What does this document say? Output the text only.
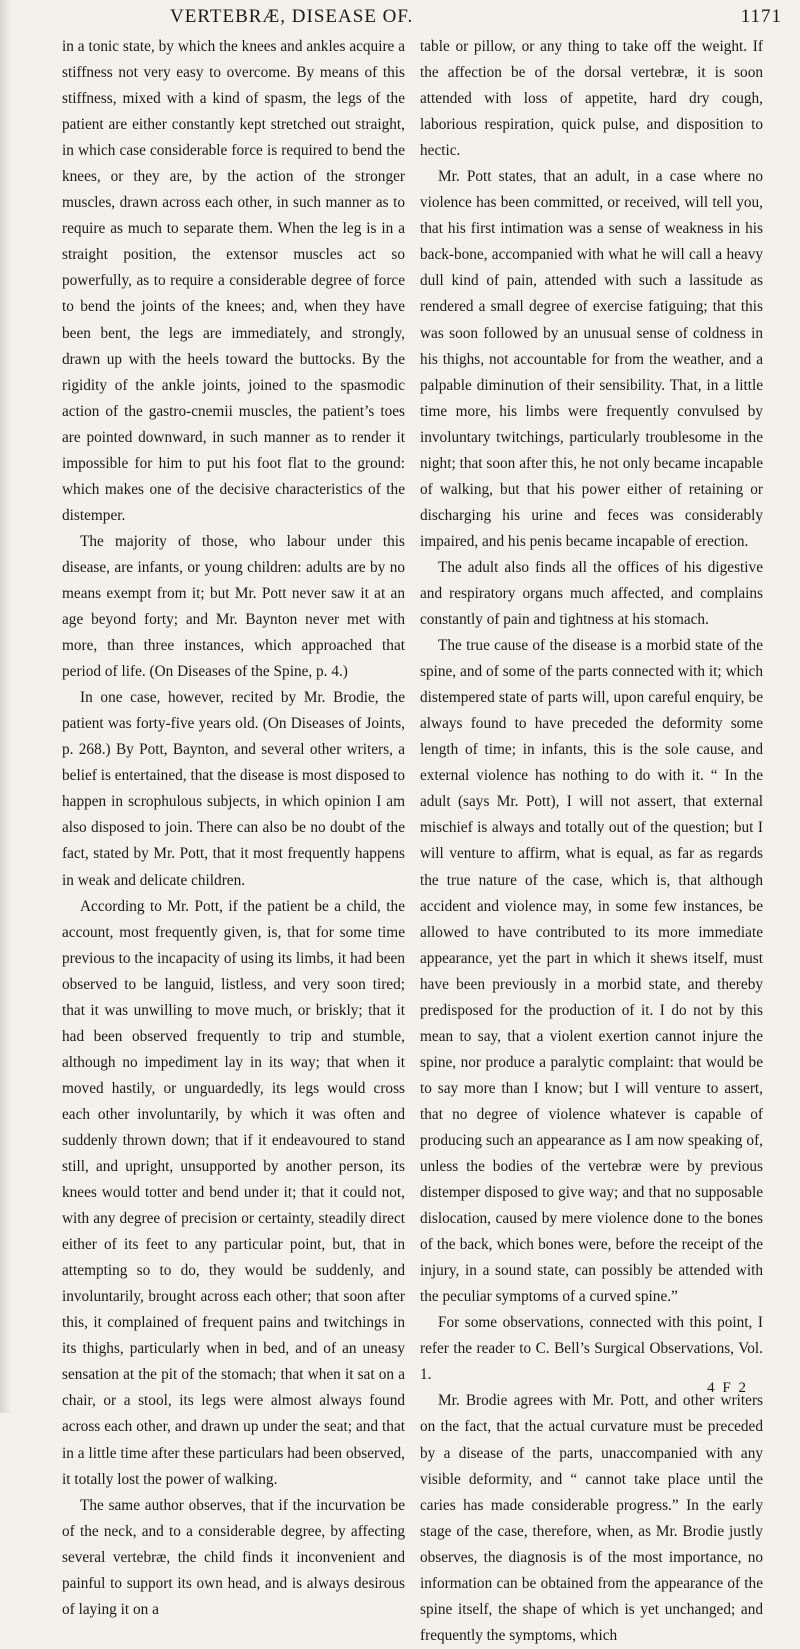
VERTEBRÆ, DISEASE OF.	1171

in a tonic state, by which the knees and ankles acquire a stiffness not very easy to overcome. By means of this stiffness, mixed with a kind of spasm, the legs of the patient are either constantly kept stretched out straight, in which case considerable force is required to bend the knees, or they are, by the action of the stronger muscles, drawn across each other, in such manner as to require as much to separate them. When the leg is in a straight position, the extensor muscles act so powerfully, as to require a considerable degree of force to bend the joints of the knees; and, when they have been bent, the legs are immediately, and strongly, drawn up with the heels toward the buttocks. By the rigidity of the ankle joints, joined to the spasmodic action of the gastro-cnemii muscles, the patient’s toes are pointed downward, in such manner as to render it impossible for him to put his foot flat to the ground: which makes one of the decisive characteristics of the distemper.

The majority of those, who labour under this disease, are infants, or young children: adults are by no means exempt from it; but Mr. Pott never saw it at an age beyond forty; and Mr. Baynton never met with more, than three instances, which approached that period of life. (On Diseases of the Spine, p. 4.)

In one case, however, recited by Mr. Brodie, the patient was forty-five years old. (On Diseases of Joints, p. 268.) By Pott, Baynton, and several other writers, a belief is entertained, that the disease is most disposed to happen in scrophulous subjects, in which opinion I am also disposed to join. There can also be no doubt of the fact, stated by Mr. Pott, that it most frequently happens in weak and delicate children.

According to Mr. Pott, if the patient be a child, the account, most frequently given, is, that for some time previous to the incapacity of using its limbs, it had been observed to be languid, listless, and very soon tired; that it was unwilling to move much, or briskly; that it had been observed frequently to trip and stumble, although no impediment lay in its way; that when it moved hastily, or unguardedly, its legs would cross each other involuntarily, by which it was often and suddenly thrown down; that if it endeavoured to stand still, and upright, unsupported by another person, its knees would totter and bend under it; that it could not, with any degree of precision or certainty, steadily direct either of its feet to any particular point, but, that in attempting so to do, they would be suddenly, and involuntarily, brought across each other; that soon after this, it complained of frequent pains and twitchings in its thighs, particularly when in bed, and of an uneasy sensation at the pit of the stomach; that when it sat on a chair, or a stool, its legs were almost always found across each other, and drawn up under the seat; and that in a little time after these particulars had been observed, it totally lost the power of walking.

The same author observes, that if the incurvation be of the neck, and to a considerable degree, by affecting several vertebræ, the child finds it inconvenient and painful to support its own head, and is always desirous of laying it on a

table or pillow, or any thing to take off the weight. If the affection be of the dorsal vertebræ, it is soon attended with loss of appetite, hard dry cough, laborious respiration, quick pulse, and disposition to hectic.

Mr. Pott states, that an adult, in a case where no violence has been committed, or received, will tell you, that his first intimation was a sense of weakness in his back-bone, accompanied with what he will call a heavy dull kind of pain, attended with such a lassitude as rendered a small degree of exercise fatiguing; that this was soon followed by an unusual sense of coldness in his thighs, not accountable for from the weather, and a palpable diminution of their sensibility. That, in a little time more, his limbs were frequently convulsed by involuntary twitchings, particularly troublesome in the night; that soon after this, he not only became incapable of walking, but that his power either of retaining or discharging his urine and feces was considerably impaired, and his penis became incapable of erection.

The adult also finds all the offices of his digestive and respiratory organs much affected, and complains constantly of pain and tightness at his stomach.

The true cause of the disease is a morbid state of the spine, and of some of the parts connected with it; which distempered state of parts will, upon careful enquiry, be always found to have preceded the deformity some length of time; in infants, this is the sole cause, and external violence has nothing to do with it. “ In the adult (says Mr. Pott), I will not assert, that external mischief is always and totally out of the question; but I will venture to affirm, what is equal, as far as regards the true nature of the case, which is, that although accident and violence may, in some few instances, be allowed to have contributed to its more immediate appearance, yet the part in which it shews itself, must have been previously in a morbid state, and thereby predisposed for the production of it. I do not by this mean to say, that a violent exertion cannot injure the spine, nor produce a paralytic complaint: that would be to say more than I know; but I will venture to assert, that no degree of violence whatever is capable of producing such an appearance as I am now speaking of, unless the bodies of the vertebræ were by previous distemper disposed to give way; and that no supposable dislocation, caused by mere violence done to the bones of the back, which bones were, before the receipt of the injury, in a sound state, can possibly be attended with the peculiar symptoms of a curved spine.”

For some observations, connected with this point, I refer the reader to C. Bell’s Surgical Observations, Vol. 1.

Mr. Brodie agrees with Mr. Pott, and other writers on the fact, that the actual curvature must be preceded by a disease of the parts, unaccompanied with any visible deformity, and “ cannot take place until the caries has made considerable progress.” In the early stage of the case, therefore, when, as Mr. Brodie justly observes, the diagnosis is of the most importance, no information can be obtained from the appearance of the spine itself, the shape of which is yet unchanged; and frequently the symptoms, which

4 F 2
